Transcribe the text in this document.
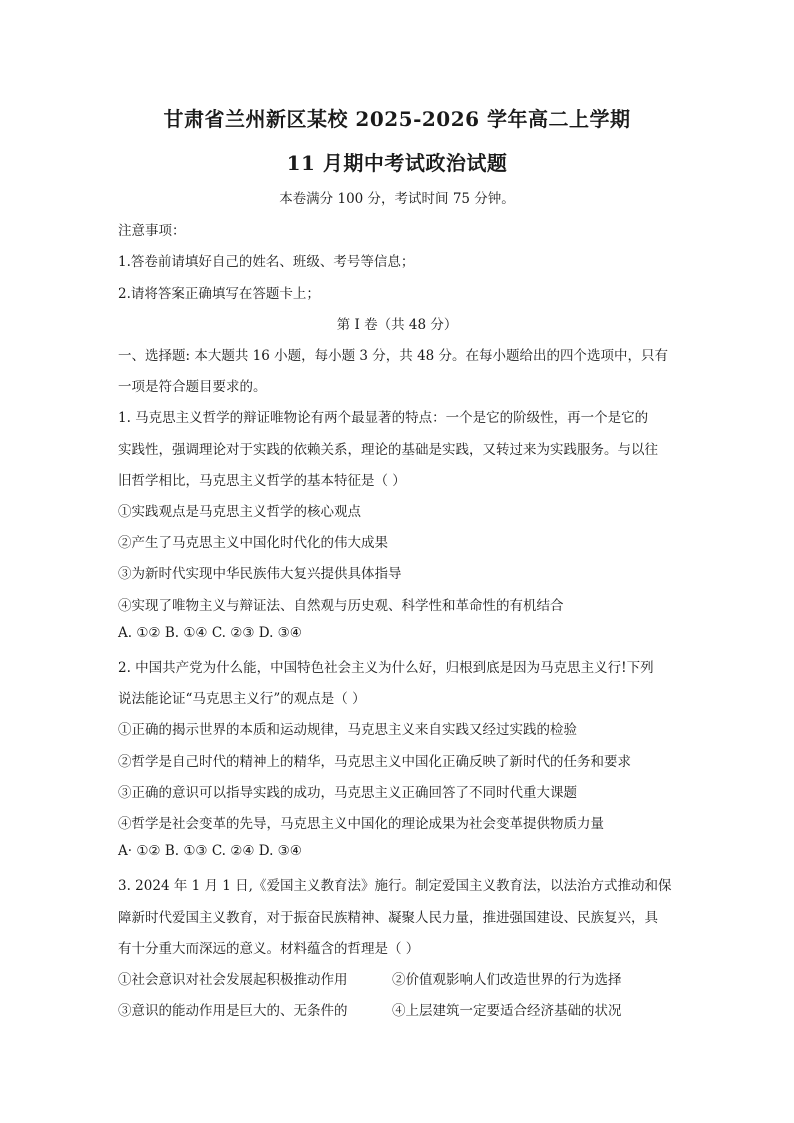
甘肃省兰州新区某校 2025-2026 学年高二上学期
11 月期中考试政治试题
本卷满分 100 分，考试时间 75 分钟。
注意事项：
1.答卷前请填好自己的姓名、班级、考号等信息；
2.请将答案正确填写在答题卡上；
第 I 卷（共 48 分）
一、选择题: 本大题共 16 小题，每小题 3 分，共 48 分。在每小题给出的四个选项中，只有
一项是符合题目要求的。
1. 马克思主义哲学的辩证唯物论有两个最显著的特点：一个是它的阶级性，再一个是它的
实践性，强调理论对于实践的依赖关系，理论的基础是实践，又转过来为实践服务。与以往
旧哲学相比，马克思主义哲学的基本特征是（ ）
①实践观点是马克思主义哲学的核心观点
②产生了马克思主义中国化时代化的伟大成果
③为新时代实现中华民族伟大复兴提供具体指导
④实现了唯物主义与辩证法、自然观与历史观、科学性和革命性的有机结合
A. ①② B. ①④ C. ②③ D. ③④
2. 中国共产党为什么能，中国特色社会主义为什么好，归根到底是因为马克思主义行!下列
说法能论证“马克思主义行”的观点是（ ）
①正确的揭示世界的本质和运动规律，马克思主义来自实践又经过实践的检验
②哲学是自己时代的精神上的精华，马克思主义中国化正确反映了新时代的任务和要求
③正确的意识可以指导实践的成功，马克思主义正确回答了不同时代重大课题
④哲学是社会变革的先导，马克思主义中国化的理论成果为社会变革提供物质力量
A· ①② B. ①③ C. ②④ D. ③④
3. 2024 年 1 月 1 日,《爱国主义教育法》施行。制定爱国主义教育法，以法治方式推动和保
障新时代爱国主义教育，对于振奋民族精神、凝聚人民力量，推进强国建设、民族复兴，具
有十分重大而深远的意义。材料蕴含的哲理是（ ）
①社会意识对社会发展起积极推动作用	②价值观影响人们改造世界的行为选择
③意识的能动作用是巨大的、无条件的	④上层建筑一定要适合经济基础的状况
